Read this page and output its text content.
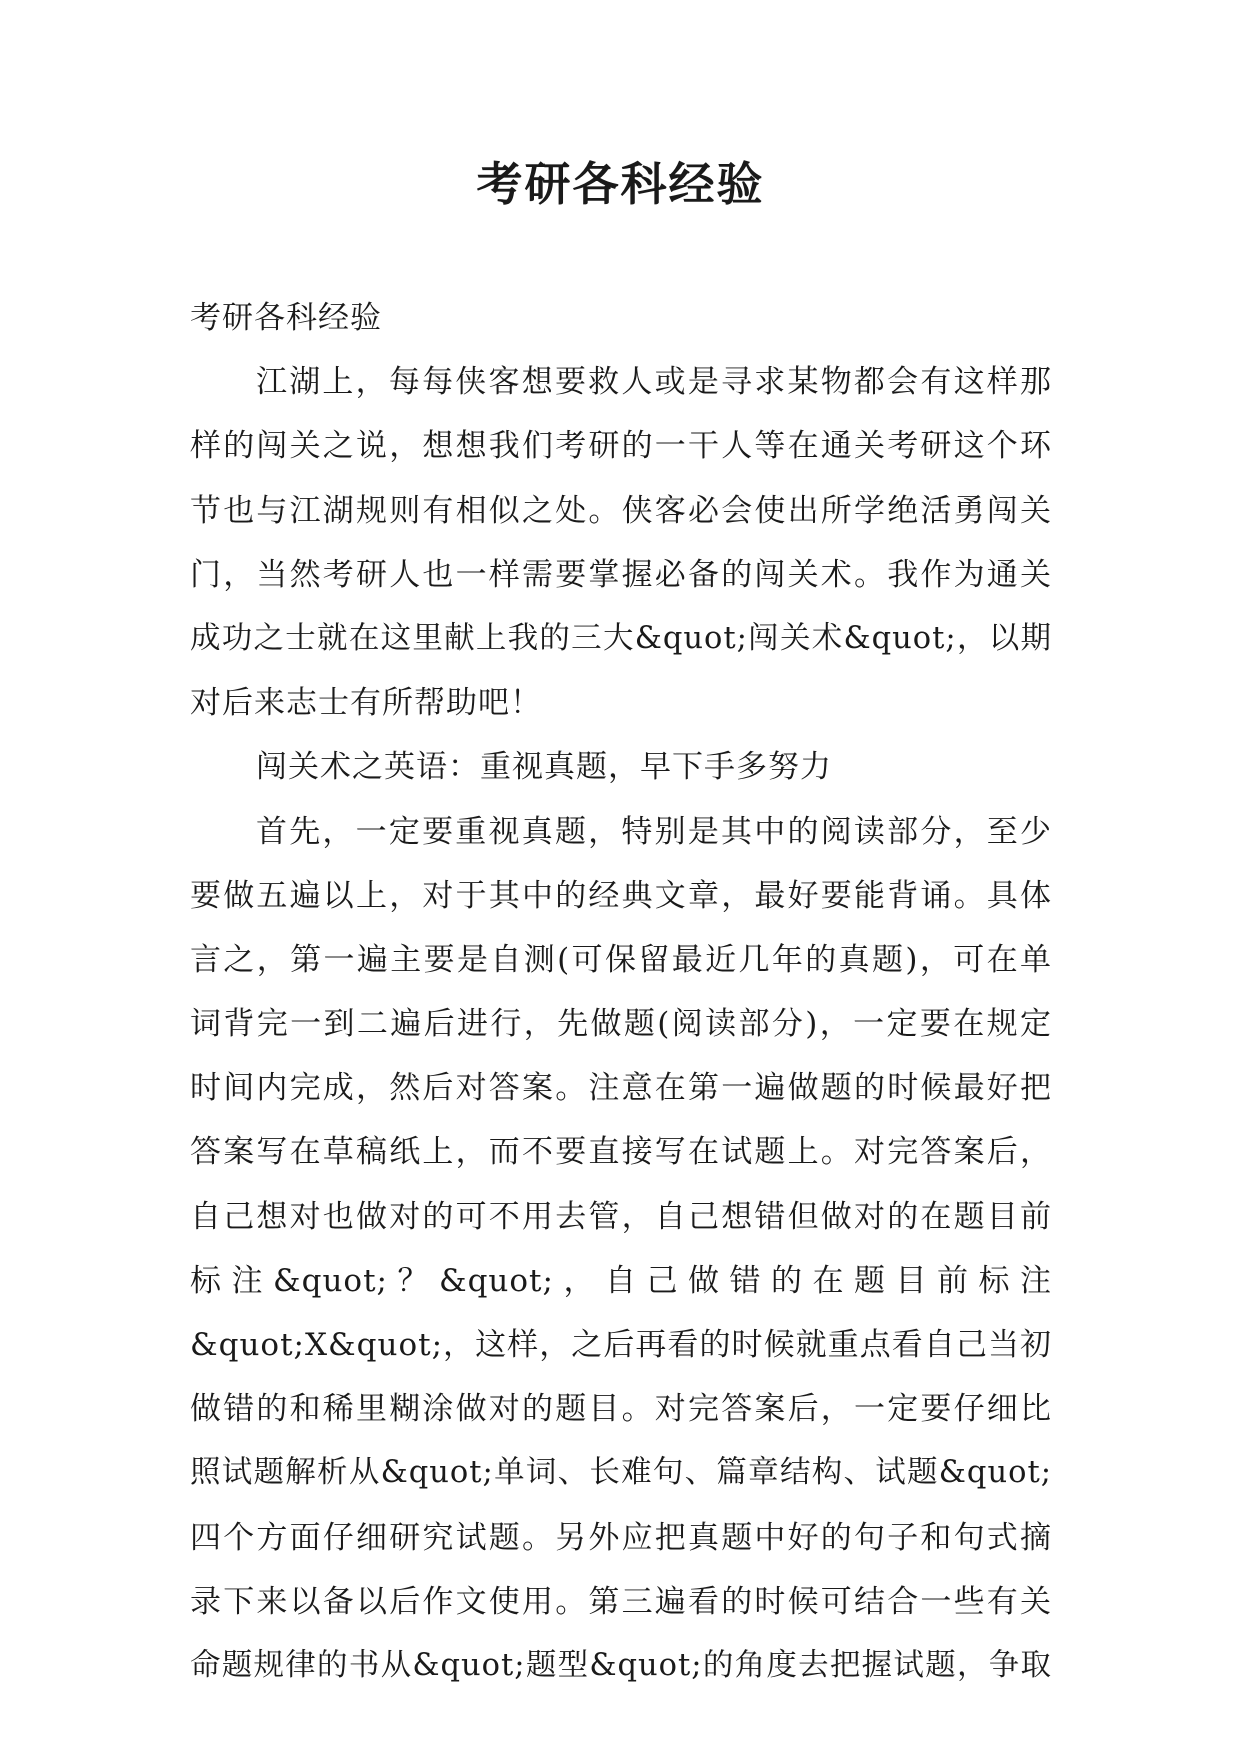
考研各科经验

考研各科经验

江湖上，每每侠客想要救人或是寻求某物都会有这样那

样的闯关之说，想想我们考研的一干人等在通关考研这个环

节也与江湖规则有相似之处。侠客必会使出所学绝活勇闯关

门，当然考研人也一样需要掌握必备的闯关术。我作为通关

成功之士就在这里献上我的三大&quot;闯关术&quot;，以期

对后来志士有所帮助吧！

闯关术之英语：重视真题，早下手多努力

首先，一定要重视真题，特别是其中的阅读部分，至少

要做五遍以上，对于其中的经典文章，最好要能背诵。具体

言之，第一遍主要是自测(可保留最近几年的真题)，可在单

词背完一到二遍后进行，先做题(阅读部分)，一定要在规定

时间内完成，然后对答案。注意在第一遍做题的时候最好把

答案写在草稿纸上，而不要直接写在试题上。对完答案后，

自己想对也做对的可不用去管，自己想错但做对的在题目前

标注&quot;？&quot;，自己做错的在题目前标注

&quot;X&quot;，这样，之后再看的时候就重点看自己当初

做错的和稀里糊涂做对的题目。对完答案后，一定要仔细比

照试题解析从&quot;单词、长难句、篇章结构、试题&quot;

四个方面仔细研究试题。另外应把真题中好的句子和句式摘

录下来以备以后作文使用。第三遍看的时候可结合一些有关

命题规律的书从&quot;题型&quot;的角度去把握试题，争取
